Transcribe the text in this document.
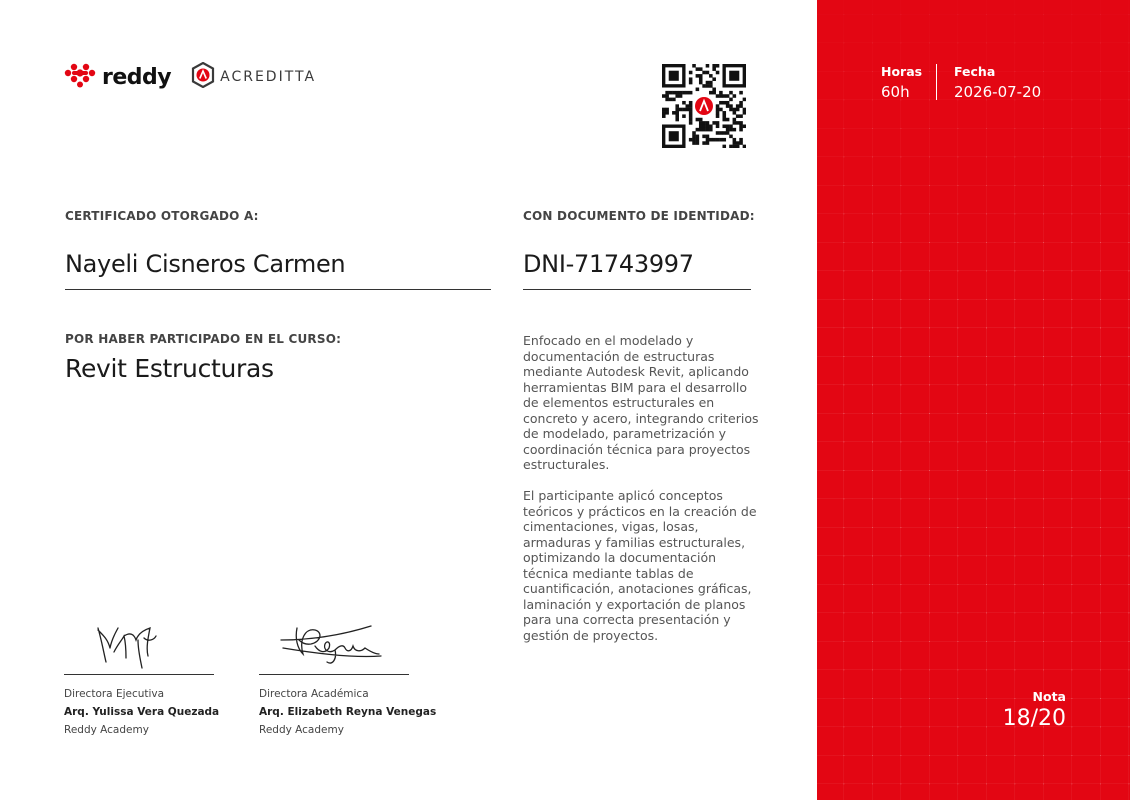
reddy	ACREDITTA
CERTIFICADO OTORGADO A:
Nayeli Cisneros Carmen
CON DOCUMENTO DE IDENTIDAD:
DNI-71743997
POR HABER PARTICIPADO EN EL CURSO:
Revit Estructuras

Enfocado en el modelado y documentación de estructuras mediante Autodesk Revit, aplicando herramientas BIM para el desarrollo de elementos estructurales en concreto y acero, integrando criterios de modelado, parametrización y coordinación técnica para proyectos estructurales.

El participante aplicó conceptos teóricos y prácticos en la creación de cimentaciones, vigas, losas, armaduras y familias estructurales, optimizando la documentación técnica mediante tablas de cuantificación, anotaciones gráficas, laminación y exportación de planos para una correcta presentación y gestión de proyectos.

Directora Ejecutiva
Arq. Yulissa Vera Quezada
Reddy Academy
Directora Académica
Arq. Elizabeth Reyna Venegas
Reddy Academy
Horas
60h
Fecha
2026-07-20
Nota
18/20
